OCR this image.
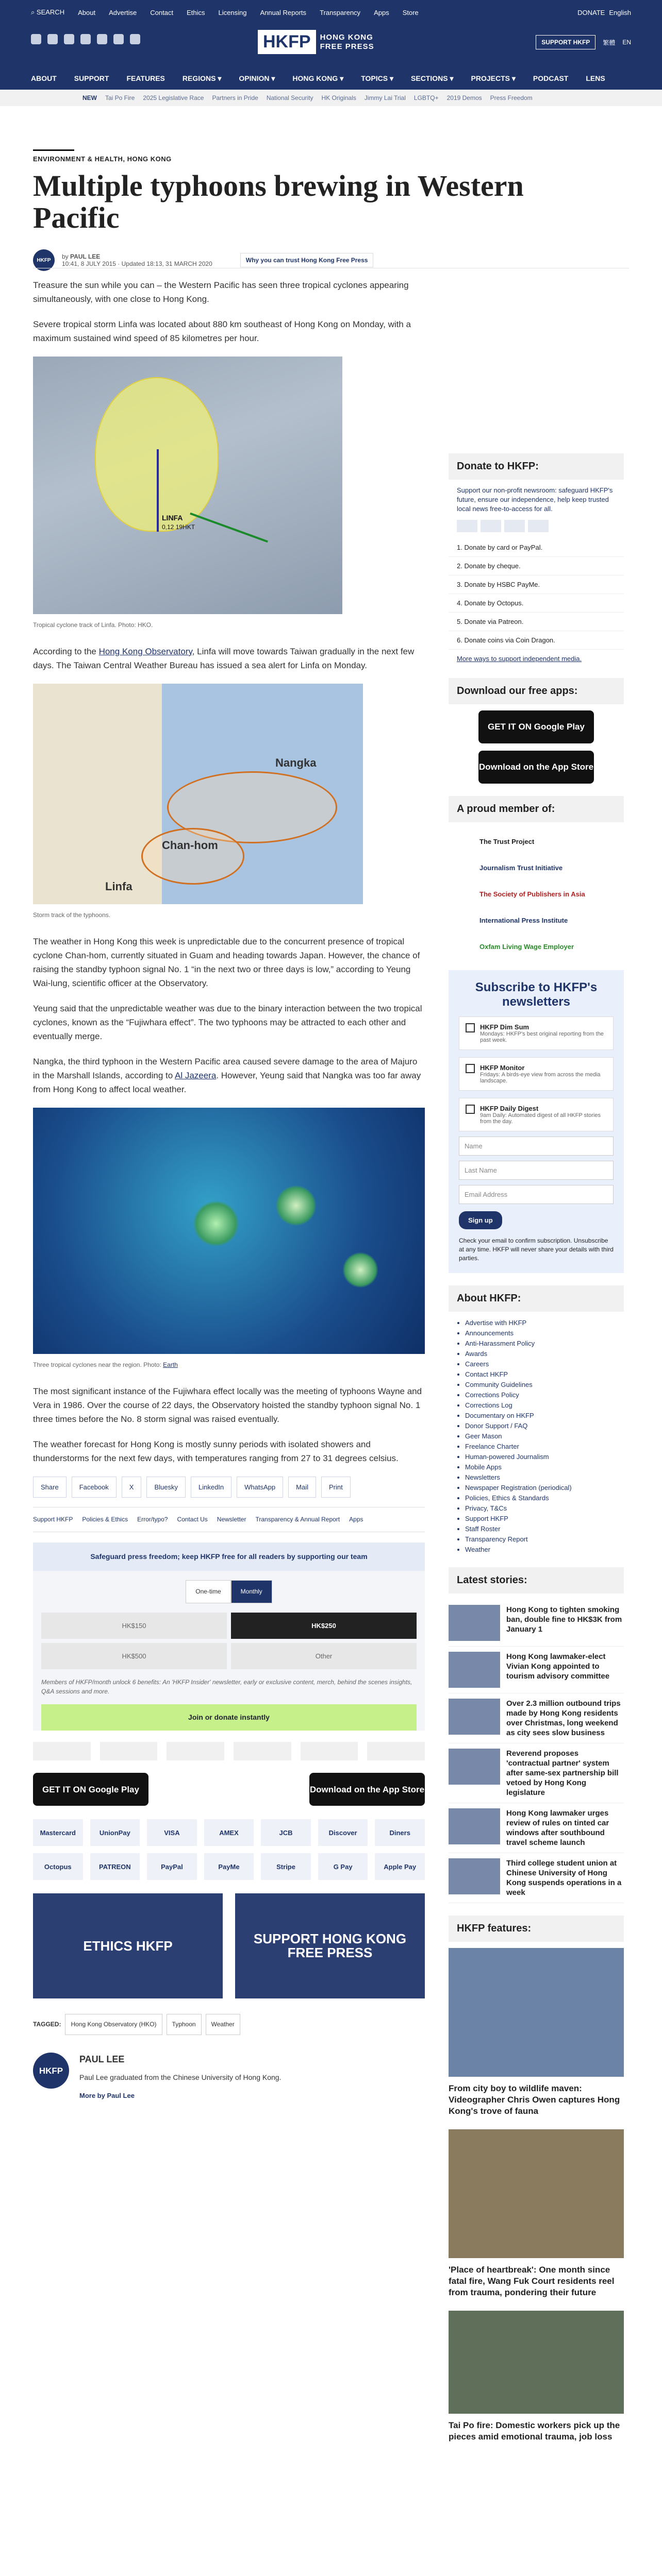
⌕ SEARCH About Advertise Contact Ethics Licensing Annual Reports Transparency Apps Store	DONATE English
HKFP	HONG KONG
FREE PRESS	SUPPORT HKFP	繁體 EN
ABOUT SUPPORT FEATURES REGIONS ▾ OPINION ▾ HONG KONG ▾ TOPICS ▾ SECTIONS ▾ PROJECTS ▾ PODCAST LENS
NEW Tai Po Fire 2025 Legislative Race Partners in Pride National Security HK Originals Jimmy Lai Trial LGBTQ+ 2019 Demos Press Freedom
ENVIRONMENT & HEALTH, HONG KONG
Multiple typhoons brewing in Western Pacific
HKFP	by PAUL LEE
10:41, 8 JULY 2015 · Updated 18:13, 31 MARCH 2020	Why you can trust Hong Kong Free Press

Treasure the sun while you can – the Western Pacific has seen three tropical cyclones appearing simultaneously, with one close to Hong Kong.

Severe tropical storm Linfa was located about 880 km southeast of Hong Kong on Monday, with a maximum sustained wind speed of 85 kilometres per hour.

LINFA
0,12 19HKT
Tropical cyclone track of Linfa. Photo: HKO.

According to the Hong Kong Observatory, Linfa will move towards Taiwan gradually in the next few days. The Taiwan Central Weather Bureau has issued a sea alert for Linfa on Monday.

Nangka
Chan-hom
Linfa
Storm track of the typhoons.

The weather in Hong Kong this week is unpredictable due to the concurrent presence of tropical cyclone Chan-hom, currently situated in Guam and heading towards Japan. However, the chance of raising the standby typhoon signal No. 1 “in the next two or three days is low,” according to Yeung Wai-lung, scientific officer at the Observatory.

Yeung said that the unpredictable weather was due to the binary interaction between the two tropical cyclones, known as the “Fujiwhara effect”. The two typhoons may be attracted to each other and eventually merge.

Nangka, the third typhoon in the Western Pacific area caused severe damage to the area of Majuro in the Marshall Islands, according to Al Jazeera. However, Yeung said that Nangka was too far away from Hong Kong to affect local weather.

Three tropical cyclones near the region. Photo: Earth

The most significant instance of the Fujiwhara effect locally was the meeting of typhoons Wayne and Vera in 1986. Over the course of 22 days, the Observatory hoisted the standby typhoon signal No. 1 three times before the No. 8 storm signal was raised eventually.

The weather forecast for Hong Kong is mostly sunny periods with isolated showers and thunderstorms for the next few days, with temperatures ranging from 27 to 31 degrees celsius.

Share	Facebook	X	Bluesky	LinkedIn	WhatsApp	Mail	Print
Support HKFP Policies & Ethics Error/typo? Contact Us Newsletter Transparency & Annual Report Apps
Safeguard press freedom; keep HKFP free for all readers by supporting our team
One-time	Monthly
HK$150	HK$250
HK$500	Other
Members of HKFP/month unlock 6 benefits: An 'HKFP Insider' newsletter, early or exclusive content, merch, behind the scenes insights, Q&A sessions and more.
Join or donate instantly
GET IT ON Google Play	Download on the App Store
Mastercard	UnionPay	VISA	AMEX	JCB	Discover	Diners
Octopus	PATREON	PayPal	PayMe	Stripe	G Pay	Apple Pay
ETHICS HKFP	SUPPORT HONG KONG FREE PRESS
TAGGED:	Hong Kong Observatory (HKO)	Typhoon	Weather
HKFP
PAUL LEE
Paul Lee graduated from the Chinese University of Hong Kong.
More by Paul Lee
Donate to HKFP:

Support our non-profit newsroom: safeguard HKFP's future, ensure our independence, help keep trusted local news free-to-access for all.

1. Donate by card or PayPal.
2. Donate by cheque.
3. Donate by HSBC PayMe.
4. Donate by Octopus.
5. Donate via Patreon.
6. Donate coins via Coin Dragon.

More ways to support independent media.

Download our free apps:
GET IT ON Google Play
Download on the App Store
A proud member of:
The Trust Project
Journalism Trust Initiative
The Society of Publishers in Asia
International Press Institute
Oxfam Living Wage Employer
Subscribe to HKFP's newsletters
HKFP Dim Sum
Mondays: HKFP's best original reporting from the past week.
HKFP Monitor
Fridays: A birds-eye view from across the media landscape.
HKFP Daily Digest
9am Daily: Automated digest of all HKFP stories from the day.
Name
Last Name
Email Address
Sign up

Check your email to confirm subscription. Unsubscribe at any time. HKFP will never share your details with third parties.

About HKFP:
• Advertise with HKFP
• Announcements
• Anti-Harassment Policy
• Awards
• Careers
• Contact HKFP
• Community Guidelines
• Corrections Policy
• Corrections Log
• Documentary on HKFP
• Donor Support / FAQ
• Geer Mason
• Freelance Charter
• Human-powered Journalism
• Mobile Apps
• Newsletters
• Newspaper Registration (periodical)
• Policies, Ethics & Standards
• Privacy, T&Cs
• Support HKFP
• Staff Roster
• Transparency Report
• Weather
Latest stories:
Hong Kong to tighten smoking ban, double fine to HK$3K from January 1
Hong Kong lawmaker-elect Vivian Kong appointed to tourism advisory committee
Over 2.3 million outbound trips made by Hong Kong residents over Christmas, long weekend as city sees slow business
Reverend proposes 'contractual partner' system after same-sex partnership bill vetoed by Hong Kong legislature
Hong Kong lawmaker urges review of rules on tinted car windows after southbound travel scheme launch
Third college student union at Chinese University of Hong Kong suspends operations in a week
HKFP features:
From city boy to wildlife maven: Videographer Chris Owen captures Hong Kong's trove of fauna
'Place of heartbreak': One month since fatal fire, Wang Fuk Court residents reel from trauma, pondering their future
Tai Po fire: Domestic workers pick up the pieces amid emotional trauma, job loss
